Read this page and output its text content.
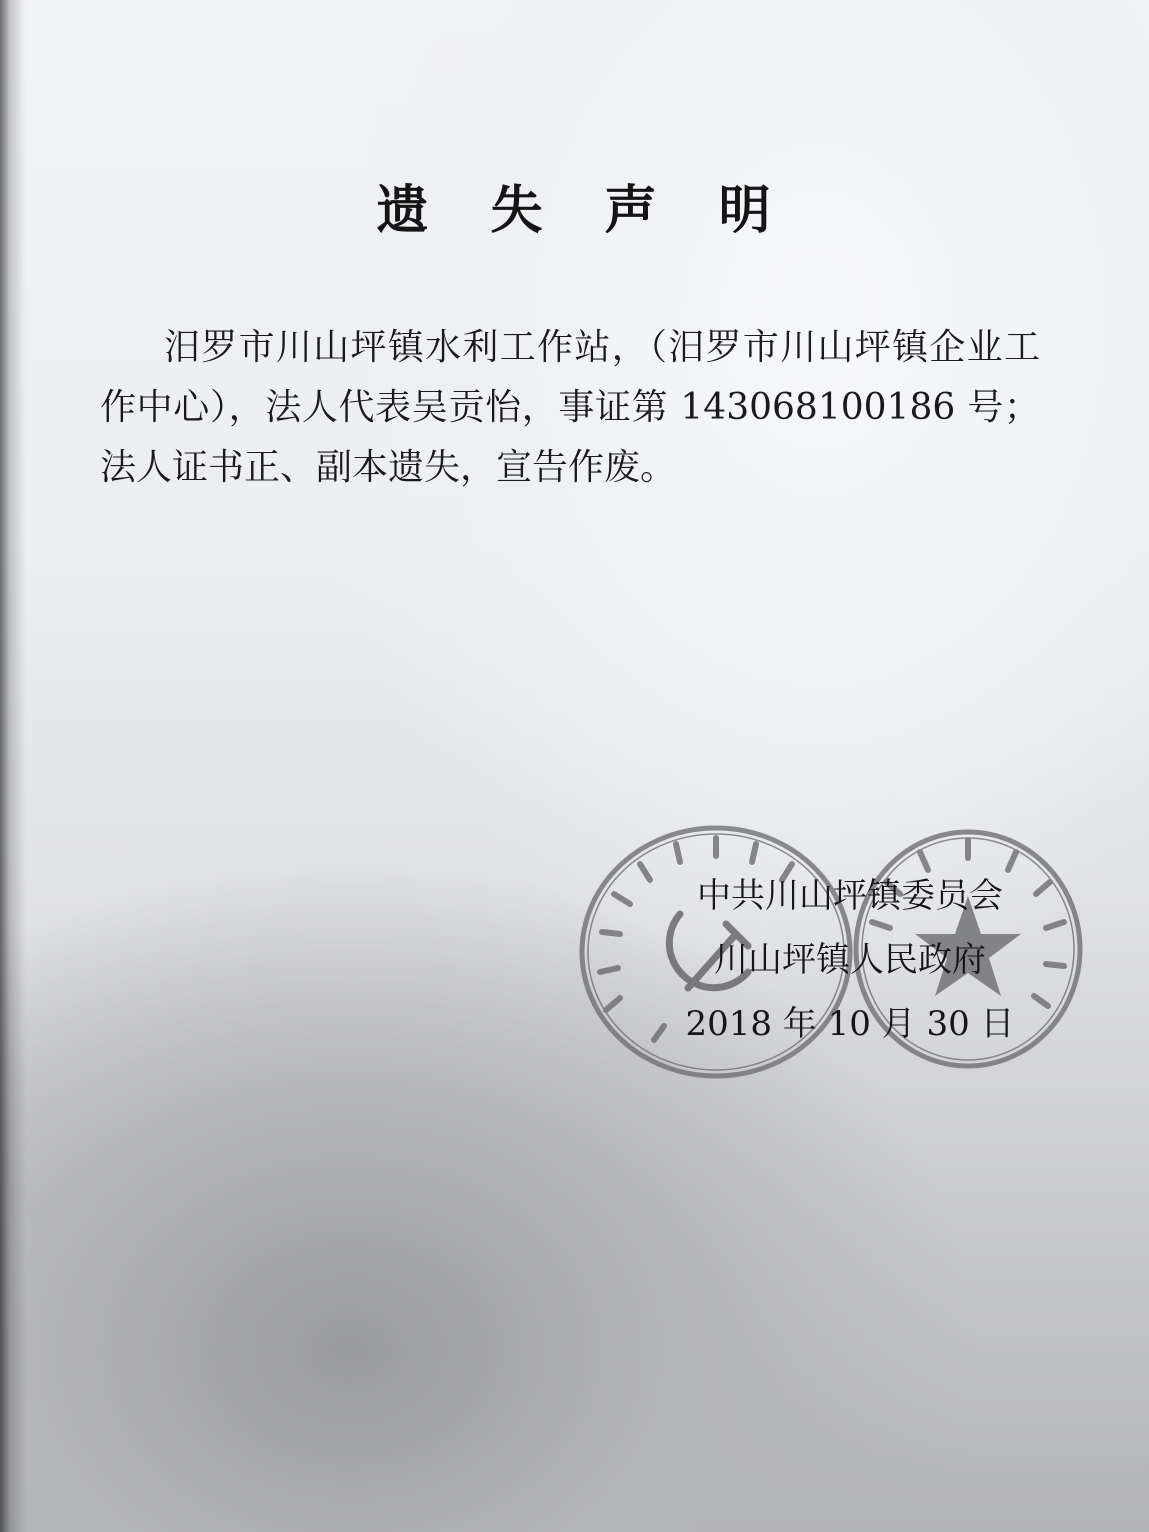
遗 失 声 明

汨罗市川山坪镇水利工作站，（汨罗市川山坪镇企业工作中心），法人代表吴贡怡，事证第 143068100186 号；法人证书正、副本遗失，宣告作废。

中共川山坪镇委员会
川山坪镇人民政府
2018 年 10 月 30 日
